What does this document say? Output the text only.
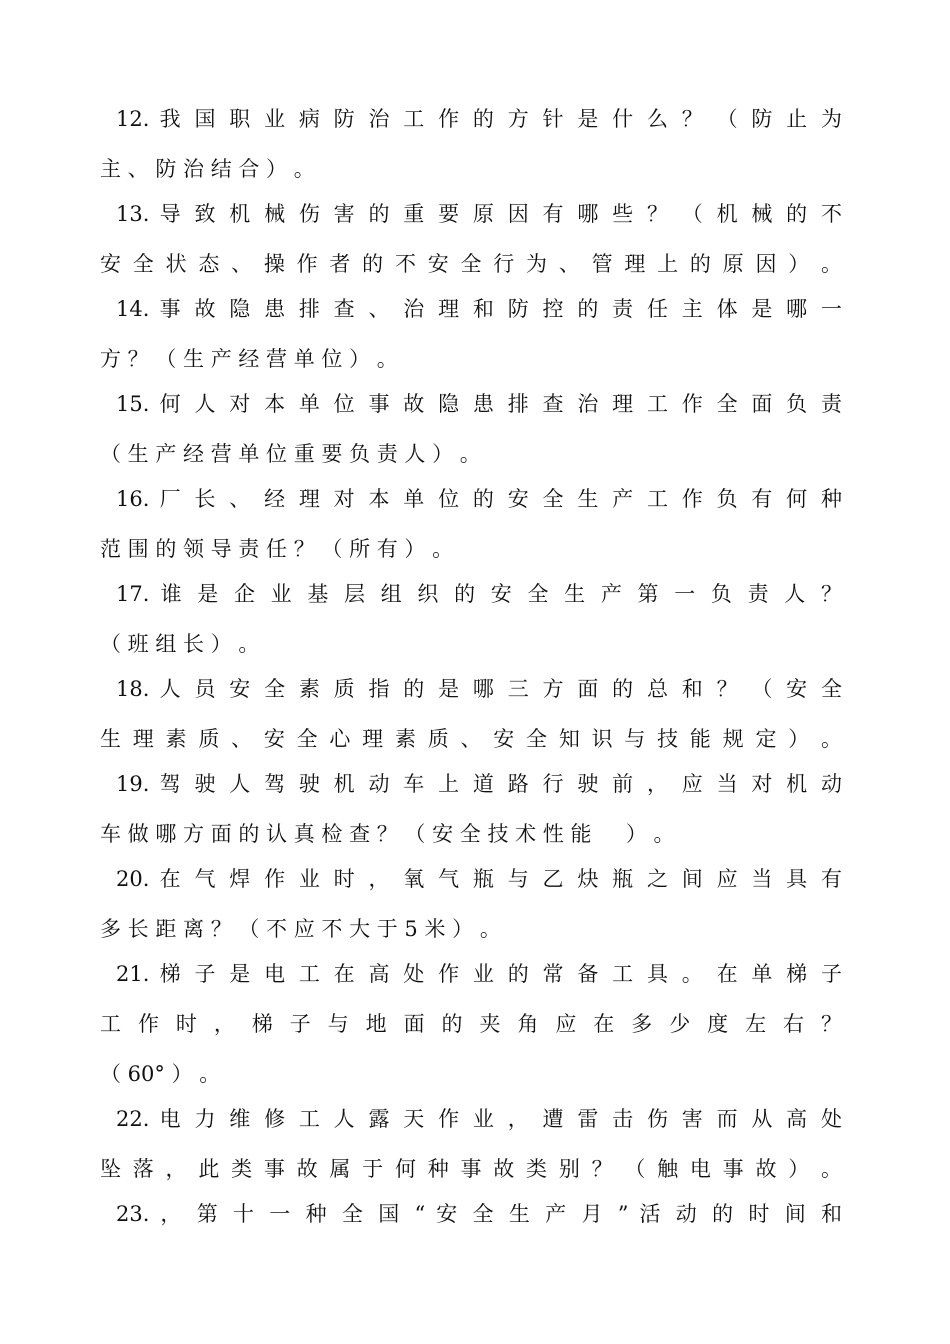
12. 我 国 职 业 病 防 治 工 作 的 方 针 是 什 么 ？ （ 防 止 为
主 、 防 治 结 合 ） 。
13. 导 致 机 械 伤 害 的 重 要 原 因 有 哪 些 ？ （ 机 械 的 不
安 全 状 态 、 操 作 者 的 不 安 全 行 为 、 管 理 上 的 原 因 ） 。
14. 事 故 隐 患 排 查 、 治 理 和 防 控 的 责 任 主 体 是 哪 一
方 ？ （ 生 产 经 营 单 位 ） 。
15. 何 人 对 本 单 位 事 故 隐 患 排 查 治 理 工 作 全 面 负 责
（ 生 产 经 营 单 位 重 要 负 责 人 ） 。
16. 厂 长 、 经 理 对 本 单 位 的 安 全 生 产 工 作 负 有 何 种
范 围 的 领 导 责 任 ？ （ 所 有 ） 。
17. 谁 是 企 业 基 层 组 织 的 安 全 生 产 第 一 负 责 人 ？
（ 班 组 长 ） 。
18. 人 员 安 全 素 质 指 的 是 哪 三 方 面 的 总 和 ？ （ 安 全
生 理 素 质 、 安 全 心 理 素 质 、 安 全 知 识 与 技 能 规 定 ） 。
19. 驾 驶 人 驾 驶 机 动 车 上 道 路 行 驶 前 ， 应 当 对 机 动
车 做 哪 方 面 的 认 真 检 查 ？ （ 安 全 技 术 性 能 　 ） 。
20. 在 气 焊 作 业 时 ， 氧 气 瓶 与 乙 炔 瓶 之 间 应 当 具 有
多 长 距 离 ？ （ 不 应 不 大 于 5 米 ） 。
21. 梯 子 是 电 工 在 高 处 作 业 的 常 备 工 具 。 在 单 梯 子
工 作 时 ， 梯 子 与 地 面 的 夹 角 应 在 多 少 度 左 右 ？
（ 60° ） 。
22. 电 力 维 修 工 人 露 天 作 业 ， 遭 雷 击 伤 害 而 从 高 处
坠 落 ， 此 类 事 故 属 于 何 种 事 故 类 别 ？ （ 触 电 事 故 ） 。
23. ， 第 十 一 种 全 国 “ 安 全 生 产 月 ” 活 动 的 时 间 和
